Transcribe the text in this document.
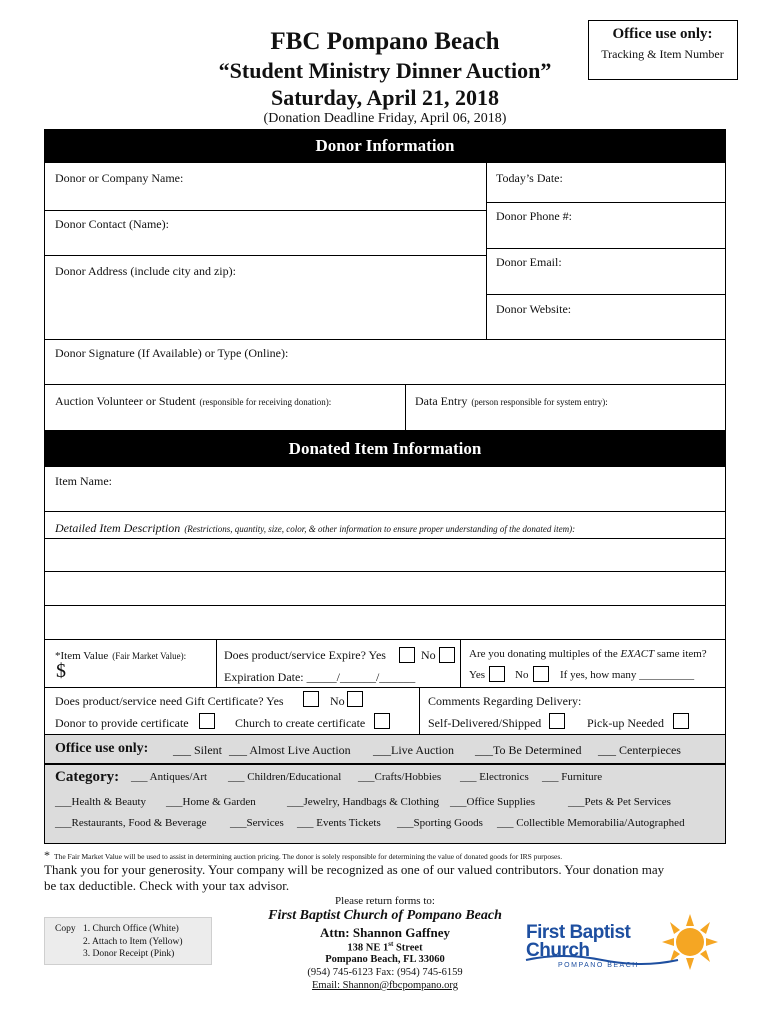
FBC Pompano Beach
“Student Ministry Dinner Auction”
Saturday, April 21, 2018
(Donation Deadline Friday, April 06, 2018)
Office use only:
Tracking & Item Number
Donor Information
Donor or Company Name:	Today’s Date:
Donor Contact (Name):
Donor Phone #:
Donor Address (include city and zip):
Donor Email:
Donor Website:
Donor Signature (If Available) or Type (Online):
Auction Volunteer or Student (responsible for receiving donation):	Data Entry (person responsible for system entry):
Donated Item Information
Item Name:
Detailed Item Description (Restrictions, quantity, size, color, & other information to ensure proper understanding of the donated item):
*Item Value (Fair Market Value):
$
Does product/service Expire? Yes	No
Expiration Date: _____/______/______
Are you donating multiples of the EXACT same item?
Yes	No	If yes, how many __________
Does product/service need Gift Certificate? Yes	No
Donor to provide certificate	Church to create certificate
Comments Regarding Delivery:
Self-Delivered/Shipped	Pick-up Needed
Office use only: ___ Silent ___ Almost Live Auction ___Live Auction ___To Be Determined ___ Centerpieces
Category: ___ Antiques/Art ___ Children/Educational ___Crafts/Hobbies ___ Electronics ___ Furniture
___Health & Beauty ___Home & Garden	___Jewelry, Handbags & Clothing ___Office Supplies	___Pets & Pet Services
___Restaurants, Food & Beverage ___Services ___ Events Tickets ___Sporting Goods ___ Collectible Memorabilia/Autographed
* The Fair Market Value will be used to assist in determining auction pricing. The donor is solely responsible for determining the value of donated goods for IRS purposes.
Thank you for your generosity. Your company will be recognized as one of our valued contributors. Your donation may
be tax deductible. Check with your tax advisor.
Please return forms to:
Copy 1. Church Office (White)
2. Attach to Item (Yellow)
3. Donor Receipt (Pink)
First Baptist Church of Pompano Beach
Attn: Shannon Gaffney
138 NE 1st Street
Pompano Beach, FL 33060
(954) 745-6123 Fax: (954) 745-6159
Email: Shannon@fbcpompano.org
First Baptist
Church
POMPANO BEACH
